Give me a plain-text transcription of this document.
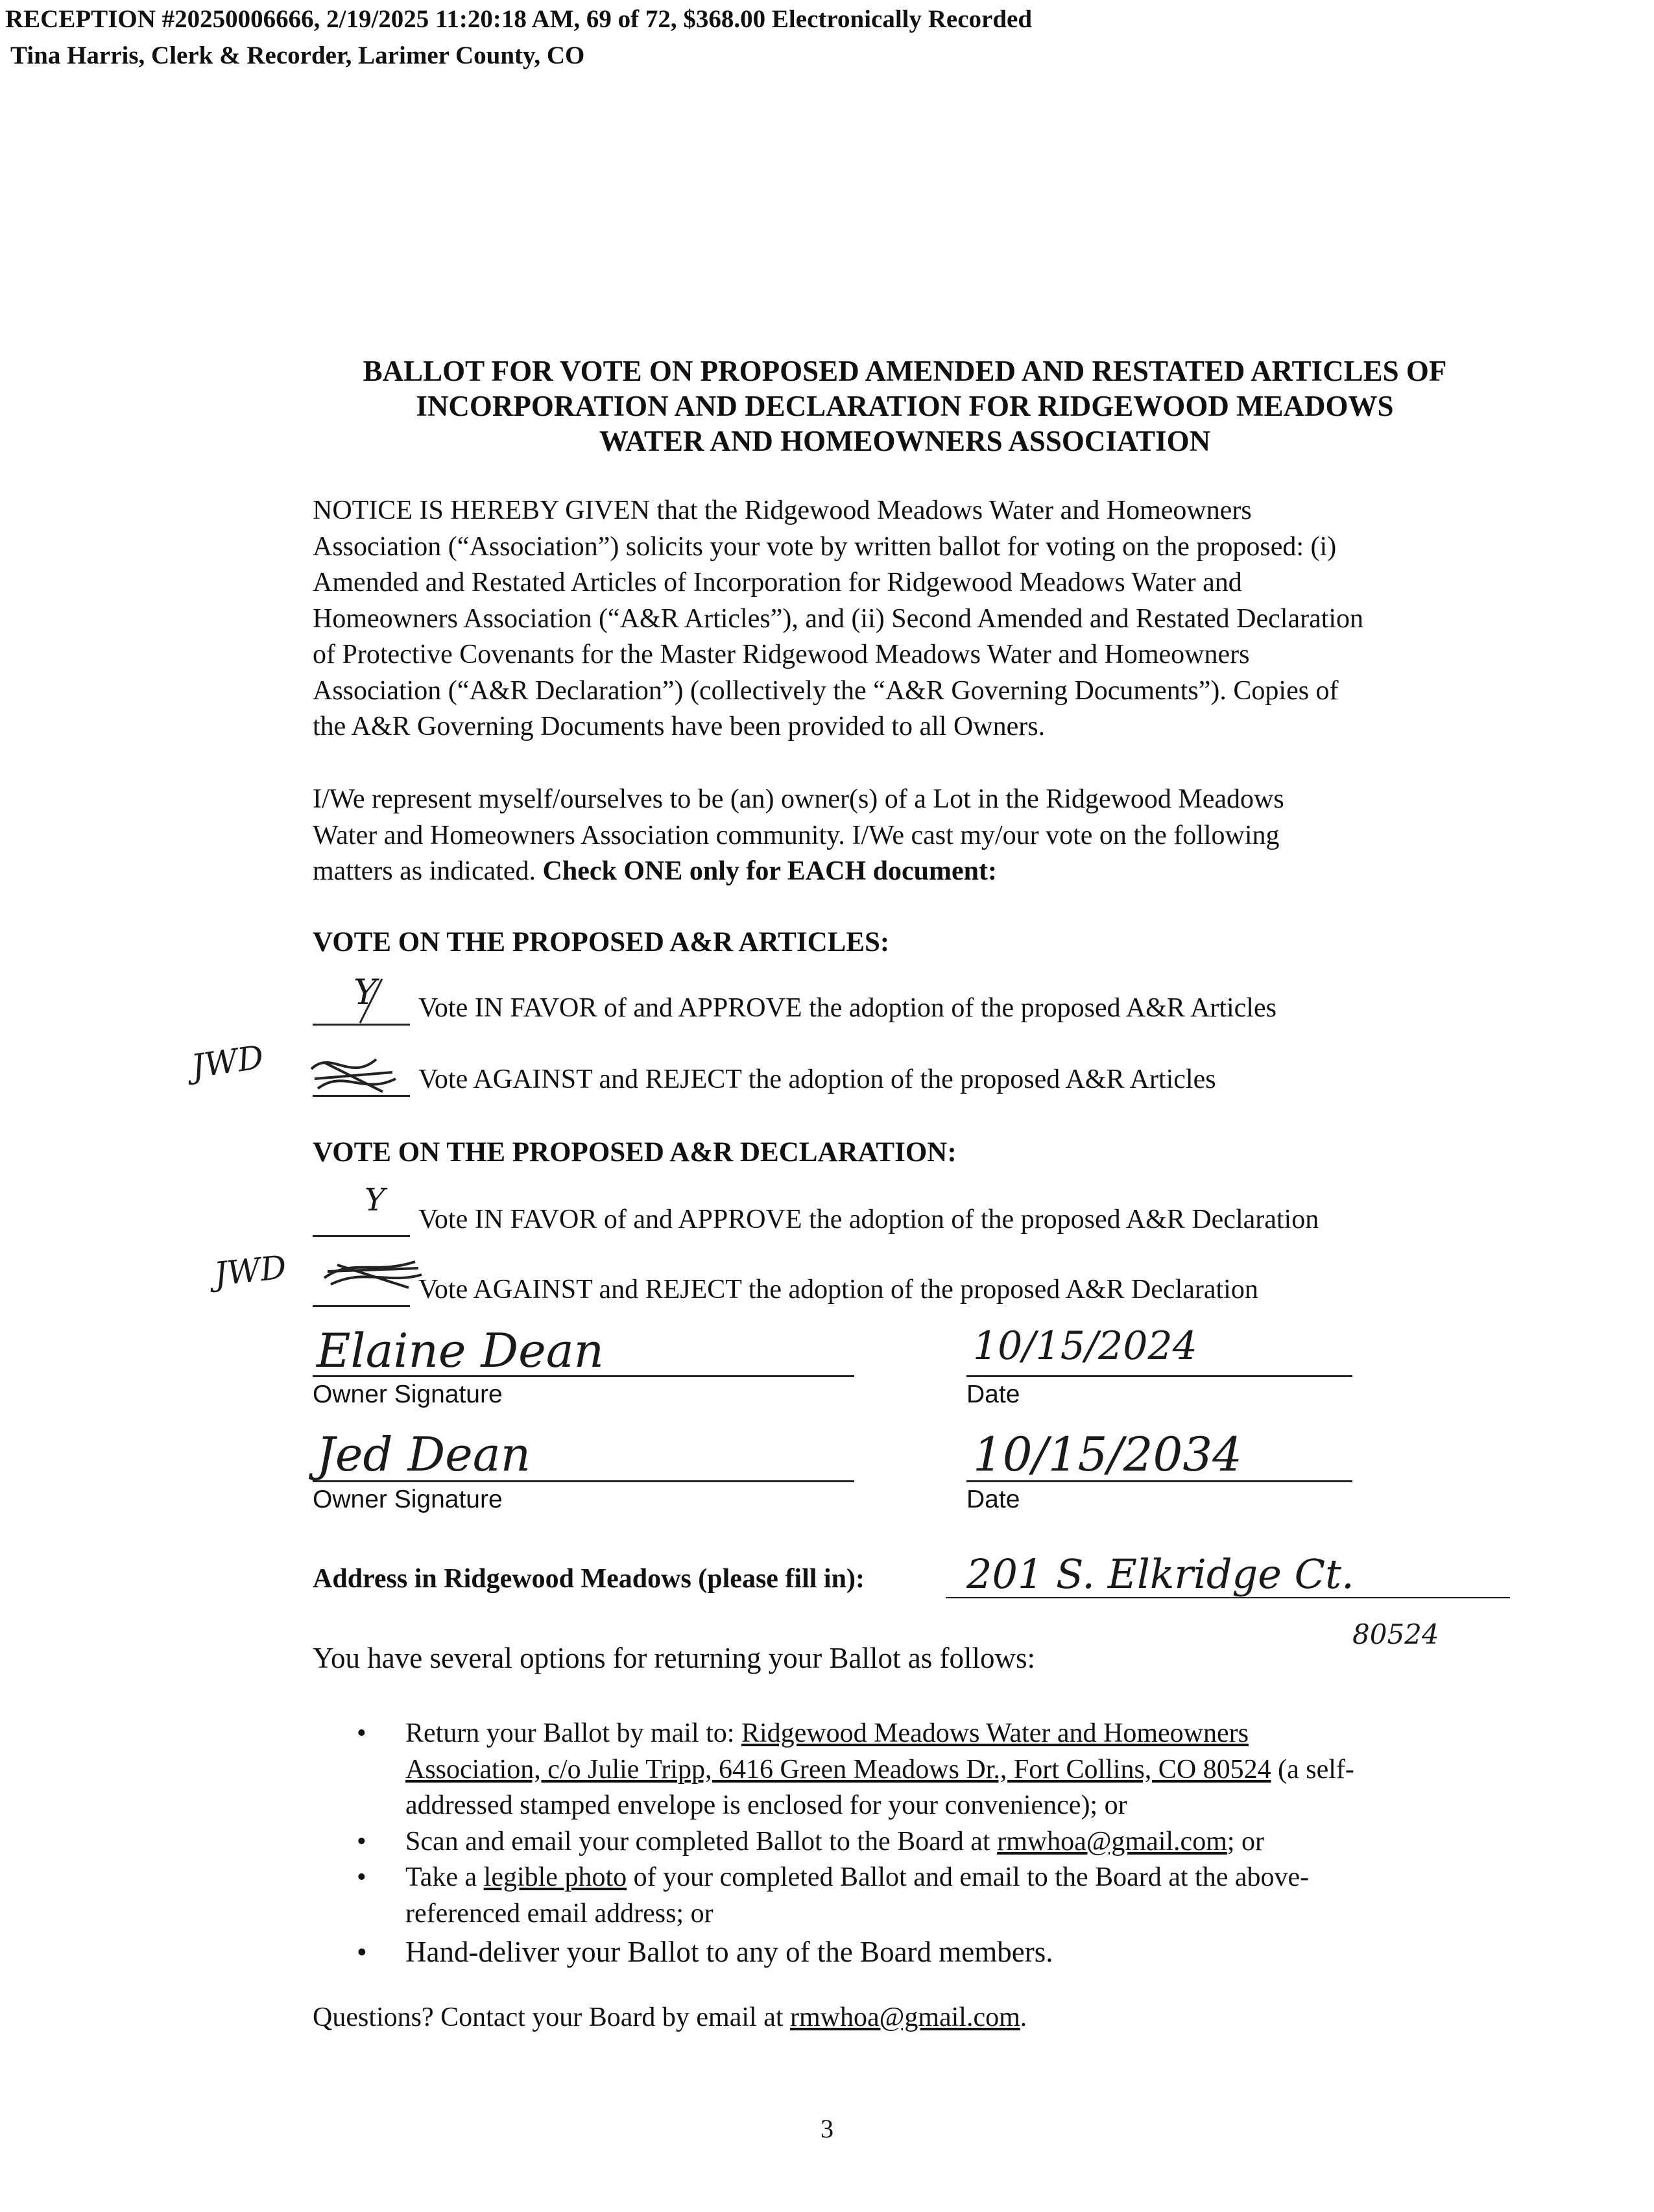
RECEPTION #20250006666, 2/19/2025 11:20:18 AM, 69 of 72, $368.00 Electronically Recorded
Tina Harris, Clerk & Recorder, Larimer County, CO
BALLOT FOR VOTE ON PROPOSED AMENDED AND RESTATED ARTICLES OF
INCORPORATION AND DECLARATION FOR RIDGEWOOD MEADOWS
WATER AND HOMEOWNERS ASSOCIATION
NOTICE IS HEREBY GIVEN that the Ridgewood Meadows Water and Homeowners
Association (“Association”) solicits your vote by written ballot for voting on the proposed: (i)
Amended and Restated Articles of Incorporation for Ridgewood Meadows Water and
Homeowners Association (“A&R Articles”), and (ii) Second Amended and Restated Declaration
of Protective Covenants for the Master Ridgewood Meadows Water and Homeowners
Association (“A&R Declaration”) (collectively the “A&R Governing Documents”). Copies of
the A&R Governing Documents have been provided to all Owners.
I/We represent myself/ourselves to be (an) owner(s) of a Lot in the Ridgewood Meadows
Water and Homeowners Association community. I/We cast my/our vote on the following
matters as indicated. Check ONE only for EACH document:
VOTE ON THE PROPOSED A&R ARTICLES:
Y Vote IN FAVOR of and APPROVE the adoption of the proposed A&R Articles
JWD	Vote AGAINST and REJECT the adoption of the proposed A&R Articles
VOTE ON THE PROPOSED A&R DECLARATION:
Y
Vote IN FAVOR of and APPROVE the adoption of the proposed A&R Declaration
JWD	Vote AGAINST and REJECT the adoption of the proposed A&R Declaration
Elaine Dean
Owner Signature
10/15/2024
Date
Jed Dean
Owner Signature
10/15/2034
Date
Address in Ridgewood Meadows (please fill in):	201 S. Elkridge Ct.
80524
You have several options for returning your Ballot as follows:
• Return your Ballot by mail to: Ridgewood Meadows Water and Homeowners
Association, c/o Julie Tripp, 6416 Green Meadows Dr., Fort Collins, CO 80524 (a self-
addressed stamped envelope is enclosed for your convenience); or
• Scan and email your completed Ballot to the Board at rmwhoa@gmail.com; or
• Take a legible photo of your completed Ballot and email to the Board at the above-
referenced email address; or
• Hand-deliver your Ballot to any of the Board members.
Questions? Contact your Board by email at rmwhoa@gmail.com.
3
